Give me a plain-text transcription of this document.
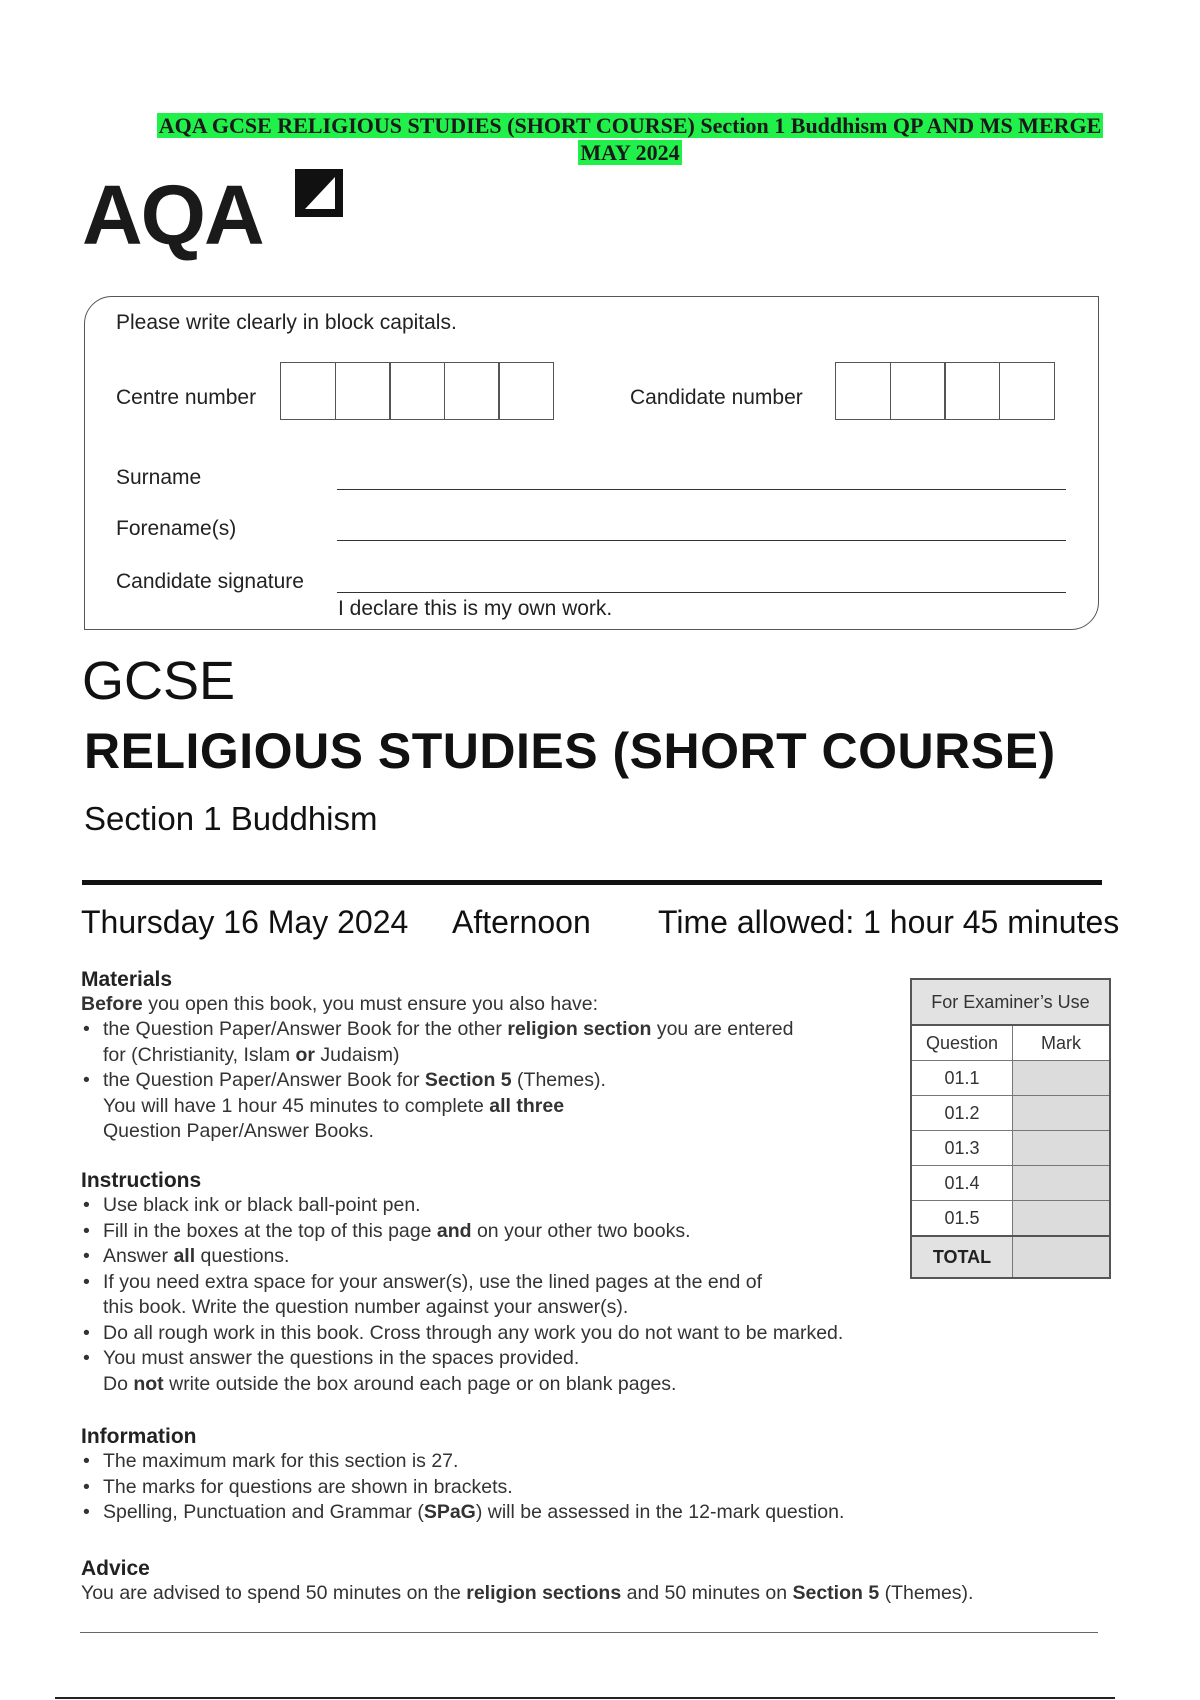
AQA GCSE RELIGIOUS STUDIES (SHORT COURSE) Section 1 Buddhism QP AND MS MERGE
MAY 2024
AQA
Please write clearly in block capitals.
Centre number	Candidate number
Surname
Forename(s)
Candidate signature
I declare this is my own work.
GCSE
RELIGIOUS STUDIES (SHORT COURSE)
Section 1 Buddhism
Thursday 16 May 2024 Afternoon Time allowed: 1 hour 45 minutes
Materials
Before you open this book, you must ensure you also have:
• the Question Paper/Answer Book for the other religion section you are entered for (Christianity, Islam or Judaism)
• the Question Paper/Answer Book for Section 5 (Themes).
You will have 1 hour 45 minutes to complete all three
Question Paper/Answer Books.
Instructions
• Use black ink or black ball-point pen.
• Fill in the boxes at the top of this page and on your other two books.
• Answer all questions.
• If you need extra space for your answer(s), use the lined pages at the end of
this book. Write the question number against your answer(s).
• Do all rough work in this book. Cross through any work you do not want to be marked.
• You must answer the questions in the spaces provided.
Do not write outside the box around each page or on blank pages.
Information
• The maximum mark for this section is 27.
• The marks for questions are shown in brackets.
• Spelling, Punctuation and Grammar (SPaG) will be assessed in the 12-mark question.
Advice
You are advised to spend 50 minutes on the religion sections and 50 minutes on Section 5 (Themes).
For Examiner’s Use
Question	Mark
01.1
01.2
01.3
01.4
01.5
TOTAL
